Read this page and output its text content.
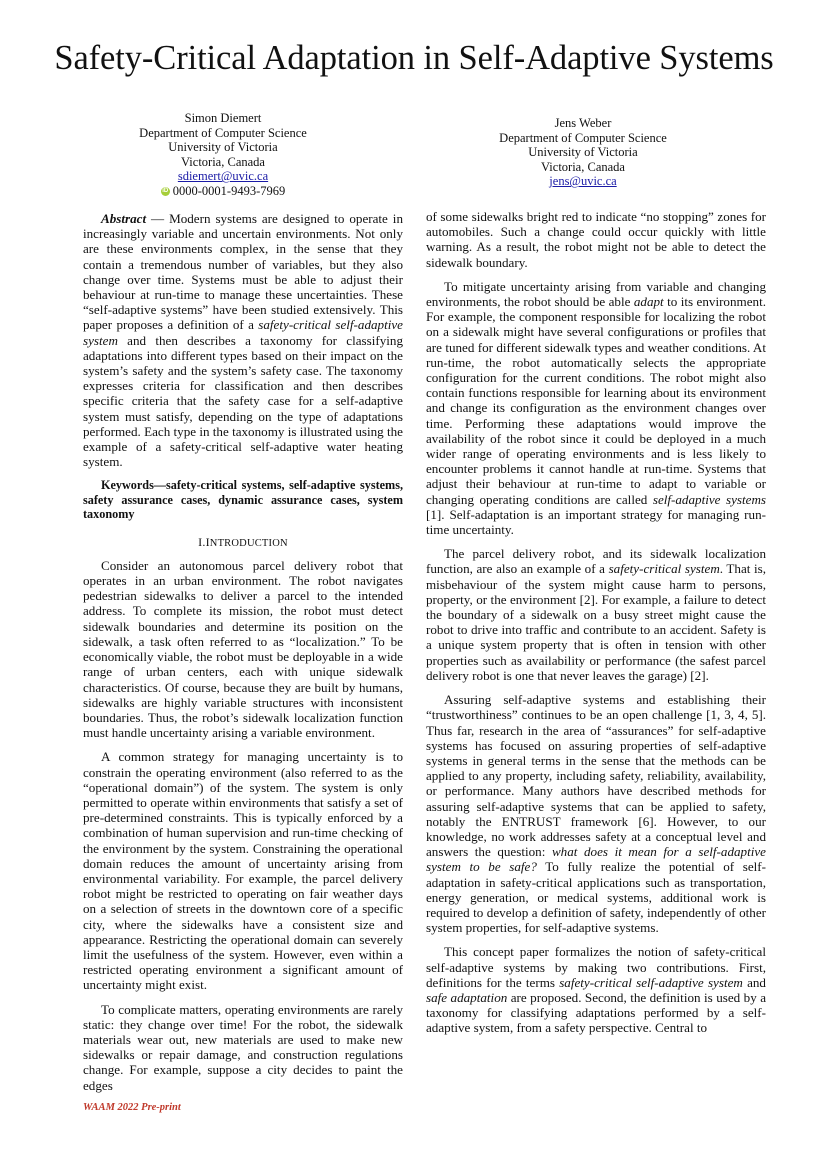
Safety-Critical Adaptation in Self-Adaptive Systems
Simon Diemert
Department of Computer Science
University of Victoria
Victoria, Canada
sdiemert@uvic.ca
iD 0000-0001-9493-7969
Jens Weber
Department of Computer Science
University of Victoria
Victoria, Canada
jens@uvic.ca

Abstract — Modern systems are designed to operate in increasingly variable and uncertain environments. Not only are these environments complex, in the sense that they contain a tremendous number of variables, but they also change over time. Systems must be able to adjust their behaviour at run-time to manage these uncertainties. These “self-adaptive systems” have been studied extensively. This paper proposes a definition of a safety-critical self-adaptive system and then describes a taxonomy for classifying adaptations into different types based on their impact on the system’s safety and the system’s safety case. The taxonomy expresses criteria for classification and then describes specific criteria that the safety case for a self-adaptive system must satisfy, depending on the type of adaptations performed. Each type in the taxonomy is illustrated using the example of a safety-critical self-adaptive water heating system.

Keywords—safety-critical systems, self-adaptive systems, safety assurance cases, dynamic assurance cases, system taxonomy

I.INTRODUCTION

Consider an autonomous parcel delivery robot that operates in an urban environment. The robot navigates pedestrian sidewalks to deliver a parcel to the intended address. To complete its mission, the robot must detect sidewalk boundaries and determine its position on the sidewalk, a task often referred to as “localization.” To be economically viable, the robot must be deployable in a wide range of urban centers, each with unique sidewalk characteristics. Of course, because they are built by humans, sidewalks are highly variable structures with inconsistent boundaries. Thus, the robot’s sidewalk localization function must handle uncertainty arising a variable environment.

A common strategy for managing uncertainty is to constrain the operating environment (also referred to as the “operational domain”) of the system. The system is only permitted to operate within environments that satisfy a set of pre-determined constraints. This is typically enforced by a combination of human supervision and run-time checking of the environment by the system. Constraining the operational domain reduces the amount of uncertainty arising from environmental variability. For example, the parcel delivery robot might be restricted to operating on fair weather days on a selection of streets in the downtown core of a specific city, where the sidewalks have a consistent size and appearance. Restricting the operational domain can severely limit the usefulness of the system. However, even within a restricted operating environment a significant amount of uncertainty might exist.

To complicate matters, operating environments are rarely static: they change over time! For the robot, the sidewalk materials wear out, new materials are used to make new sidewalks or repair damage, and construction regulations change. For example, suppose a city decides to paint the edges

of some sidewalks bright red to indicate “no stopping” zones for automobiles. Such a change could occur quickly with little warning. As a result, the robot might not be able to detect the sidewalk boundary.

To mitigate uncertainty arising from variable and changing environments, the robot should be able adapt to its environment. For example, the component responsible for localizing the robot on a sidewalk might have several configurations or profiles that are tuned for different sidewalk types and weather conditions. At run-time, the robot automatically selects the appropriate configuration for the current conditions. The robot might also contain functions responsible for learning about its environment and change its configuration as the environment changes over time. Performing these adaptations would improve the availability of the robot since it could be deployed in a much wider range of operating environments and is less likely to encounter problems it cannot handle at run-time. Systems that adjust their behaviour at run-time to adapt to variable or changing operating conditions are called self-adaptive systems [1]. Self-adaptation is an important strategy for managing run-time uncertainty.

The parcel delivery robot, and its sidewalk localization function, are also an example of a safety-critical system. That is, misbehaviour of the system might cause harm to persons, property, or the environment [2]. For example, a failure to detect the boundary of a sidewalk on a busy street might cause the robot to drive into traffic and contribute to an accident. Safety is a unique system property that is often in tension with other properties such as availability or performance (the safest parcel delivery robot is one that never leaves the garage) [2].

Assuring self-adaptive systems and establishing their “trustworthiness” continues to be an open challenge [1, 3, 4, 5]. Thus far, research in the area of “assurances” for self-adaptive systems has focused on assuring properties of self-adaptive systems in general terms in the sense that the methods can be applied to any property, including safety, reliability, availability, or performance. Many authors have described methods for assuring self-adaptive systems that can be applied to safety, notably the ENTRUST framework [6]. However, to our knowledge, no work addresses safety at a conceptual level and answers the question: what does it mean for a self-adaptive system to be safe? To fully realize the potential of self-adaptation in safety-critical applications such as transportation, energy generation, or medical systems, additional work is required to develop a definition of safety, independently of other system properties, for self-adaptive systems.

This concept paper formalizes the notion of safety-critical self-adaptive systems by making two contributions. First, definitions for the terms safety-critical self-adaptive system and safe adaptation are proposed. Second, the definition is used by a taxonomy for classifying adaptations performed by a self-adaptive system, from a safety perspective. Central to

WAAM 2022 Pre-print
